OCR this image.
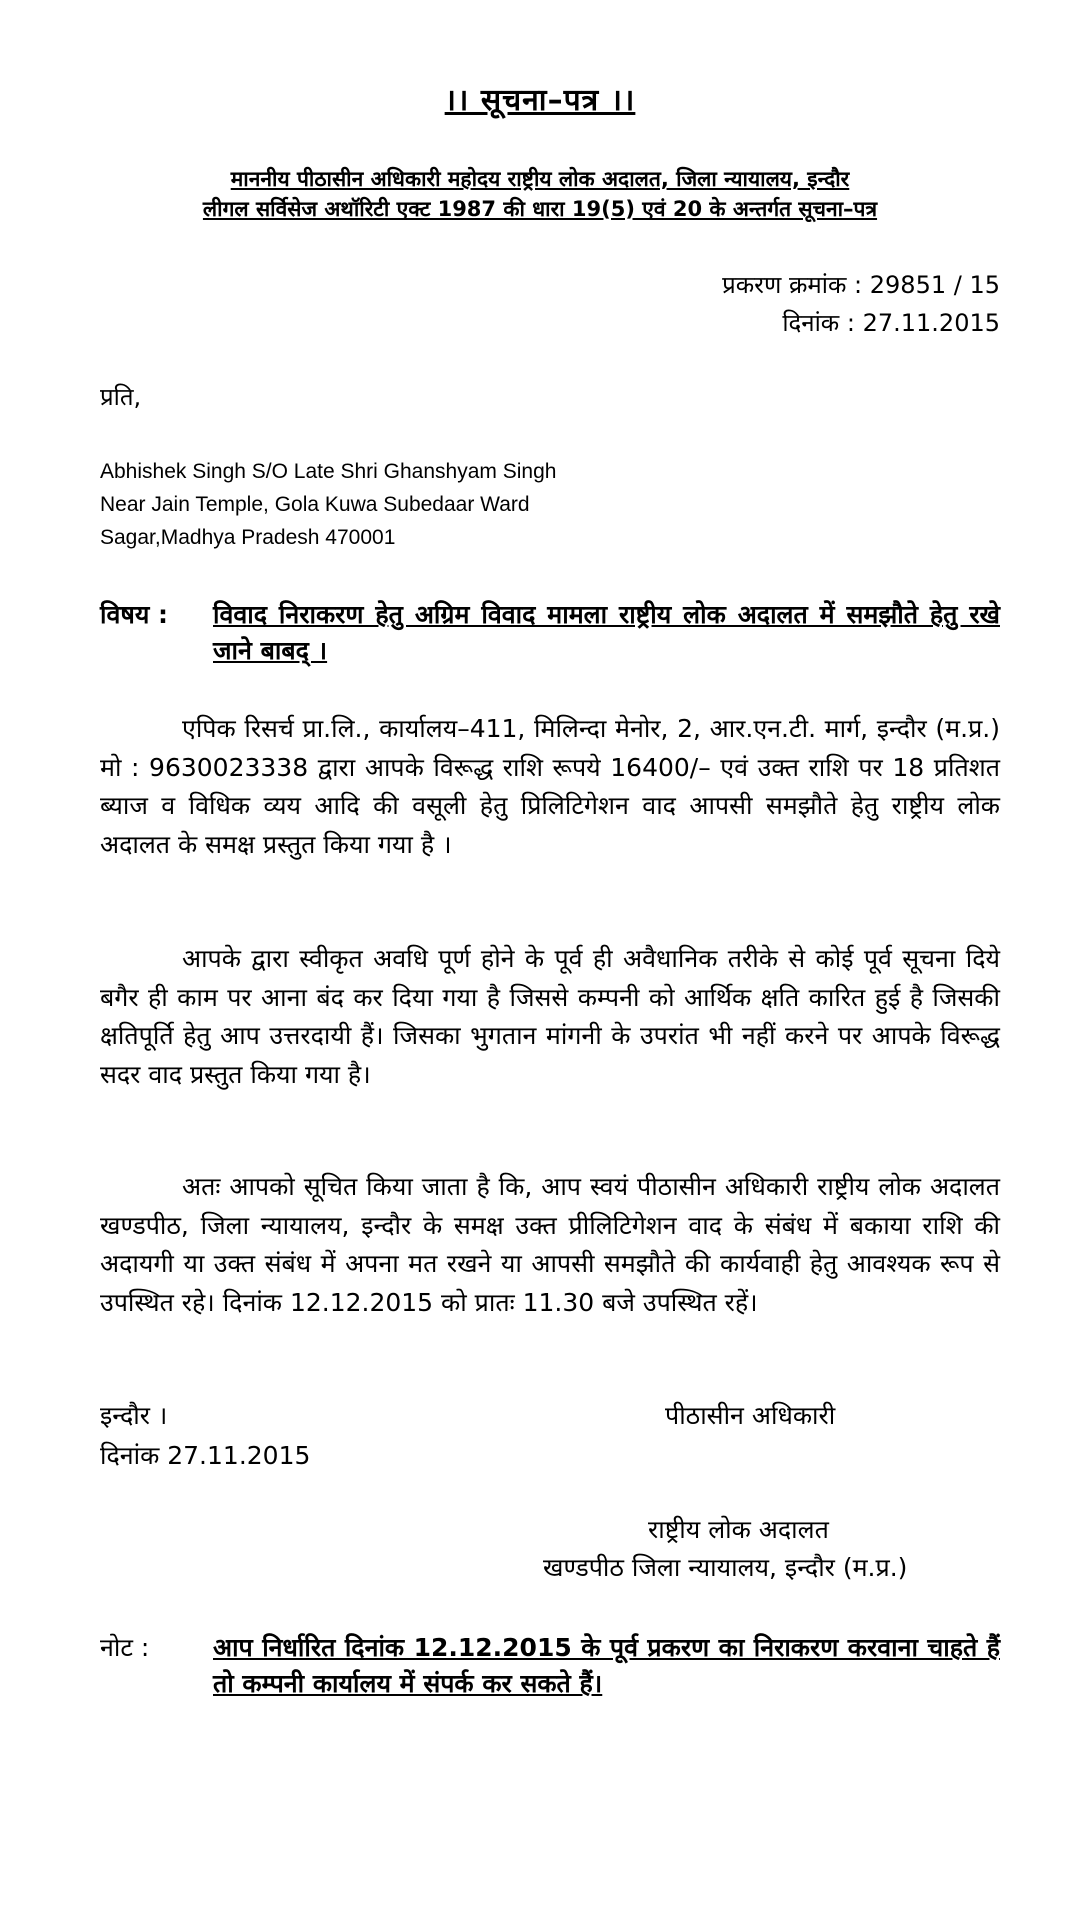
।। सूचना–पत्र ।।
माननीय पीठासीन अधिकारी महोदय राष्ट्रीय लोक अदालत, जिला न्यायालय, इन्दौर
लीगल सर्विसेज अथॉरिटी एक्ट 1987 की धारा 19(5) एवं 20 के अन्तर्गत सूचना–पत्र
प्रकरण क्रमांक : 29851 / 15
दिनांक : 27.11.2015
प्रति,
Abhishek Singh S/O Late Shri Ghanshyam Singh
Near Jain Temple, Gola Kuwa Subedaar Ward
Sagar,Madhya Pradesh 470001
विषय : विवाद निराकरण हेतु अग्रिम विवाद मामला राष्ट्रीय लोक अदालत में समझौते हेतु रखे जाने बाबद् ।
एपिक रिसर्च प्रा.लि., कार्यालय–411, मिलिन्दा मेनोर, 2, आर.एन.टी. मार्ग, इन्दौर (म.प्र.) मो : 9630023338 द्वारा आपके विरूद्ध राशि रूपये 16400/– एवं उक्त राशि पर 18 प्रतिशत ब्याज व विधिक व्यय आदि की वसूली हेतु प्रिलिटिगेशन वाद आपसी समझौते हेतु राष्ट्रीय लोक अदालत के समक्ष प्रस्तुत किया गया है ।
आपके द्वारा स्वीकृत अवधि पूर्ण होने के पूर्व ही अवैधानिक तरीके से कोई पूर्व सूचना दिये बगैर ही काम पर आना बंद कर दिया गया है जिससे कम्पनी को आर्थिक क्षति कारित हुई है जिसकी क्षतिपूर्ति हेतु आप उत्तरदायी हैं। जिसका भुगतान मांगनी के उपरांत भी नहीं करने पर आपके विरूद्ध सदर वाद प्रस्तुत किया गया है।
अतः आपको सूचित किया जाता है कि, आप स्वयं पीठासीन अधिकारी राष्ट्रीय लोक अदालत खण्डपीठ, जिला न्यायालय, इन्दौर के समक्ष उक्त प्रीलिटिगेशन वाद के संबंध में बकाया राशि की अदायगी या उक्त संबंध में अपना मत रखने या आपसी समझौते की कार्यवाही हेतु आवश्यक रूप से उपस्थित रहे। दिनांक 12.12.2015 को प्रातः 11.30 बजे उपस्थित रहें।
इन्दौर ।
दिनांक 27.11.2015
पीठासीन अधिकारी
राष्ट्रीय लोक अदालत
खण्डपीठ जिला न्यायालय, इन्दौर (म.प्र.)
नोट :	आप निर्धारित दिनांक 12.12.2015 के पूर्व प्रकरण का निराकरण करवाना चाहते हैं तो कम्पनी कार्यालय में संपर्क कर सकते हैं।
